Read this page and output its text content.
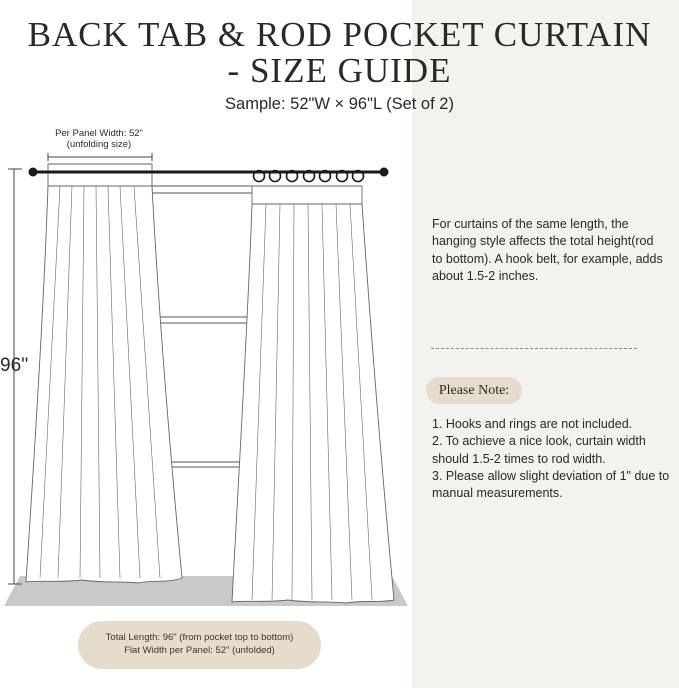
BACK TAB & ROD POCKET CURTAIN
- SIZE GUIDE
Sample: 52"W × 96"L (Set of 2)
Per Panel Width: 52"
(unfolding size)
96''
For curtains of the same length, the hanging style affects the total height(rod to bottom). A hook belt, for example, adds about 1.5-2 inches.
Please Note:
1. Hooks and rings are not included.
2. To achieve a nice look, curtain width should 1.5-2 times to rod width.
3. Please allow slight deviation of 1" due to manual measurements.
Total Length: 96" (from pocket top to bottom)
Flat Width per Panel: 52" (unfolded)
